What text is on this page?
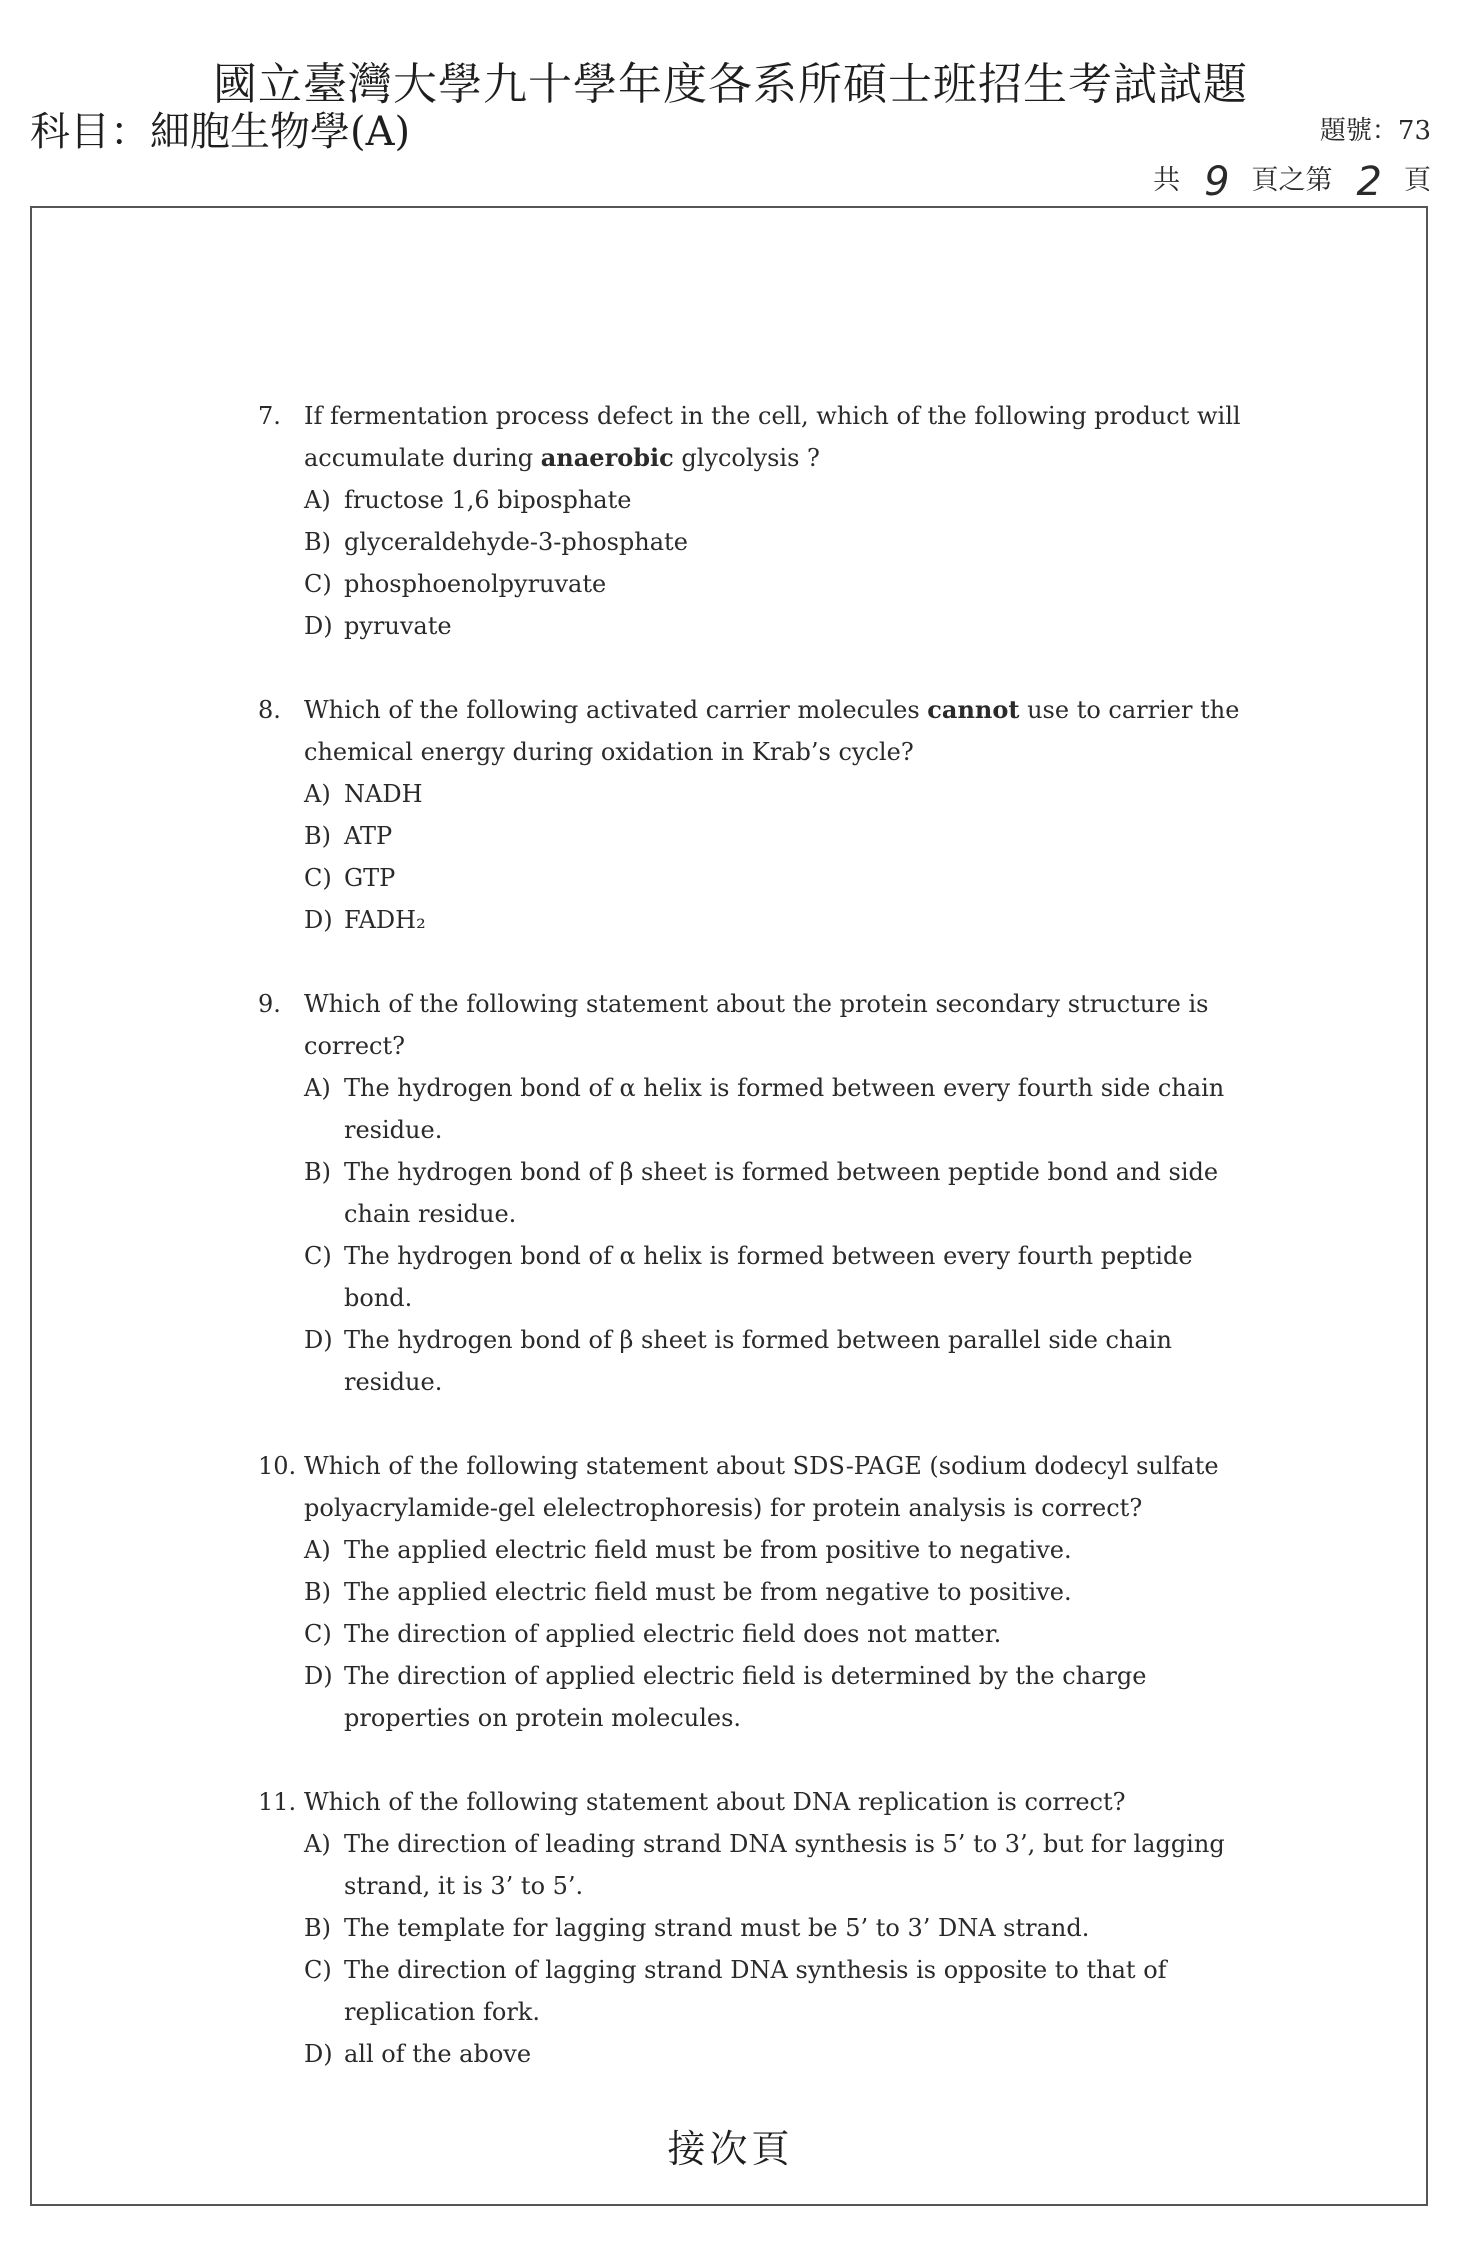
國立臺灣大學九十學年度各系所碩士班招生考試試題
科目：細胞生物學(A)	題號：73
共 9 頁之第 2 頁
7. If fermentation process defect in the cell, which of the following product will accumulate during anaerobic glycolysis ?
A) fructose 1,6 biposphate
B) glyceraldehyde-3-phosphate
C) phosphoenolpyruvate
D) pyruvate
8. Which of the following activated carrier molecules cannot use to carrier the chemical energy during oxidation in Krab’s cycle?
A) NADH
B) ATP
C) GTP
D) FADH₂
9. Which of the following statement about the protein secondary structure is correct?
A) The hydrogen bond of α helix is formed between every fourth side chain residue.
B) The hydrogen bond of β sheet is formed between peptide bond and side chain residue.
C) The hydrogen bond of α helix is formed between every fourth peptide bond.
D) The hydrogen bond of β sheet is formed between parallel side chain residue.
10. Which of the following statement about SDS-PAGE (sodium dodecyl sulfate polyacrylamide-gel elelectrophoresis) for protein analysis is correct?
A) The applied electric field must be from positive to negative.
B) The applied electric field must be from negative to positive.
C) The direction of applied electric field does not matter.
D) The direction of applied electric field is determined by the charge properties on protein molecules.
11. Which of the following statement about DNA replication is correct?
A) The direction of leading strand DNA synthesis is 5’ to 3’, but for lagging strand, it is 3’ to 5’.
B) The template for lagging strand must be 5’ to 3’ DNA strand.
C) The direction of lagging strand DNA synthesis is opposite to that of replication fork.
D) all of the above
接次頁
